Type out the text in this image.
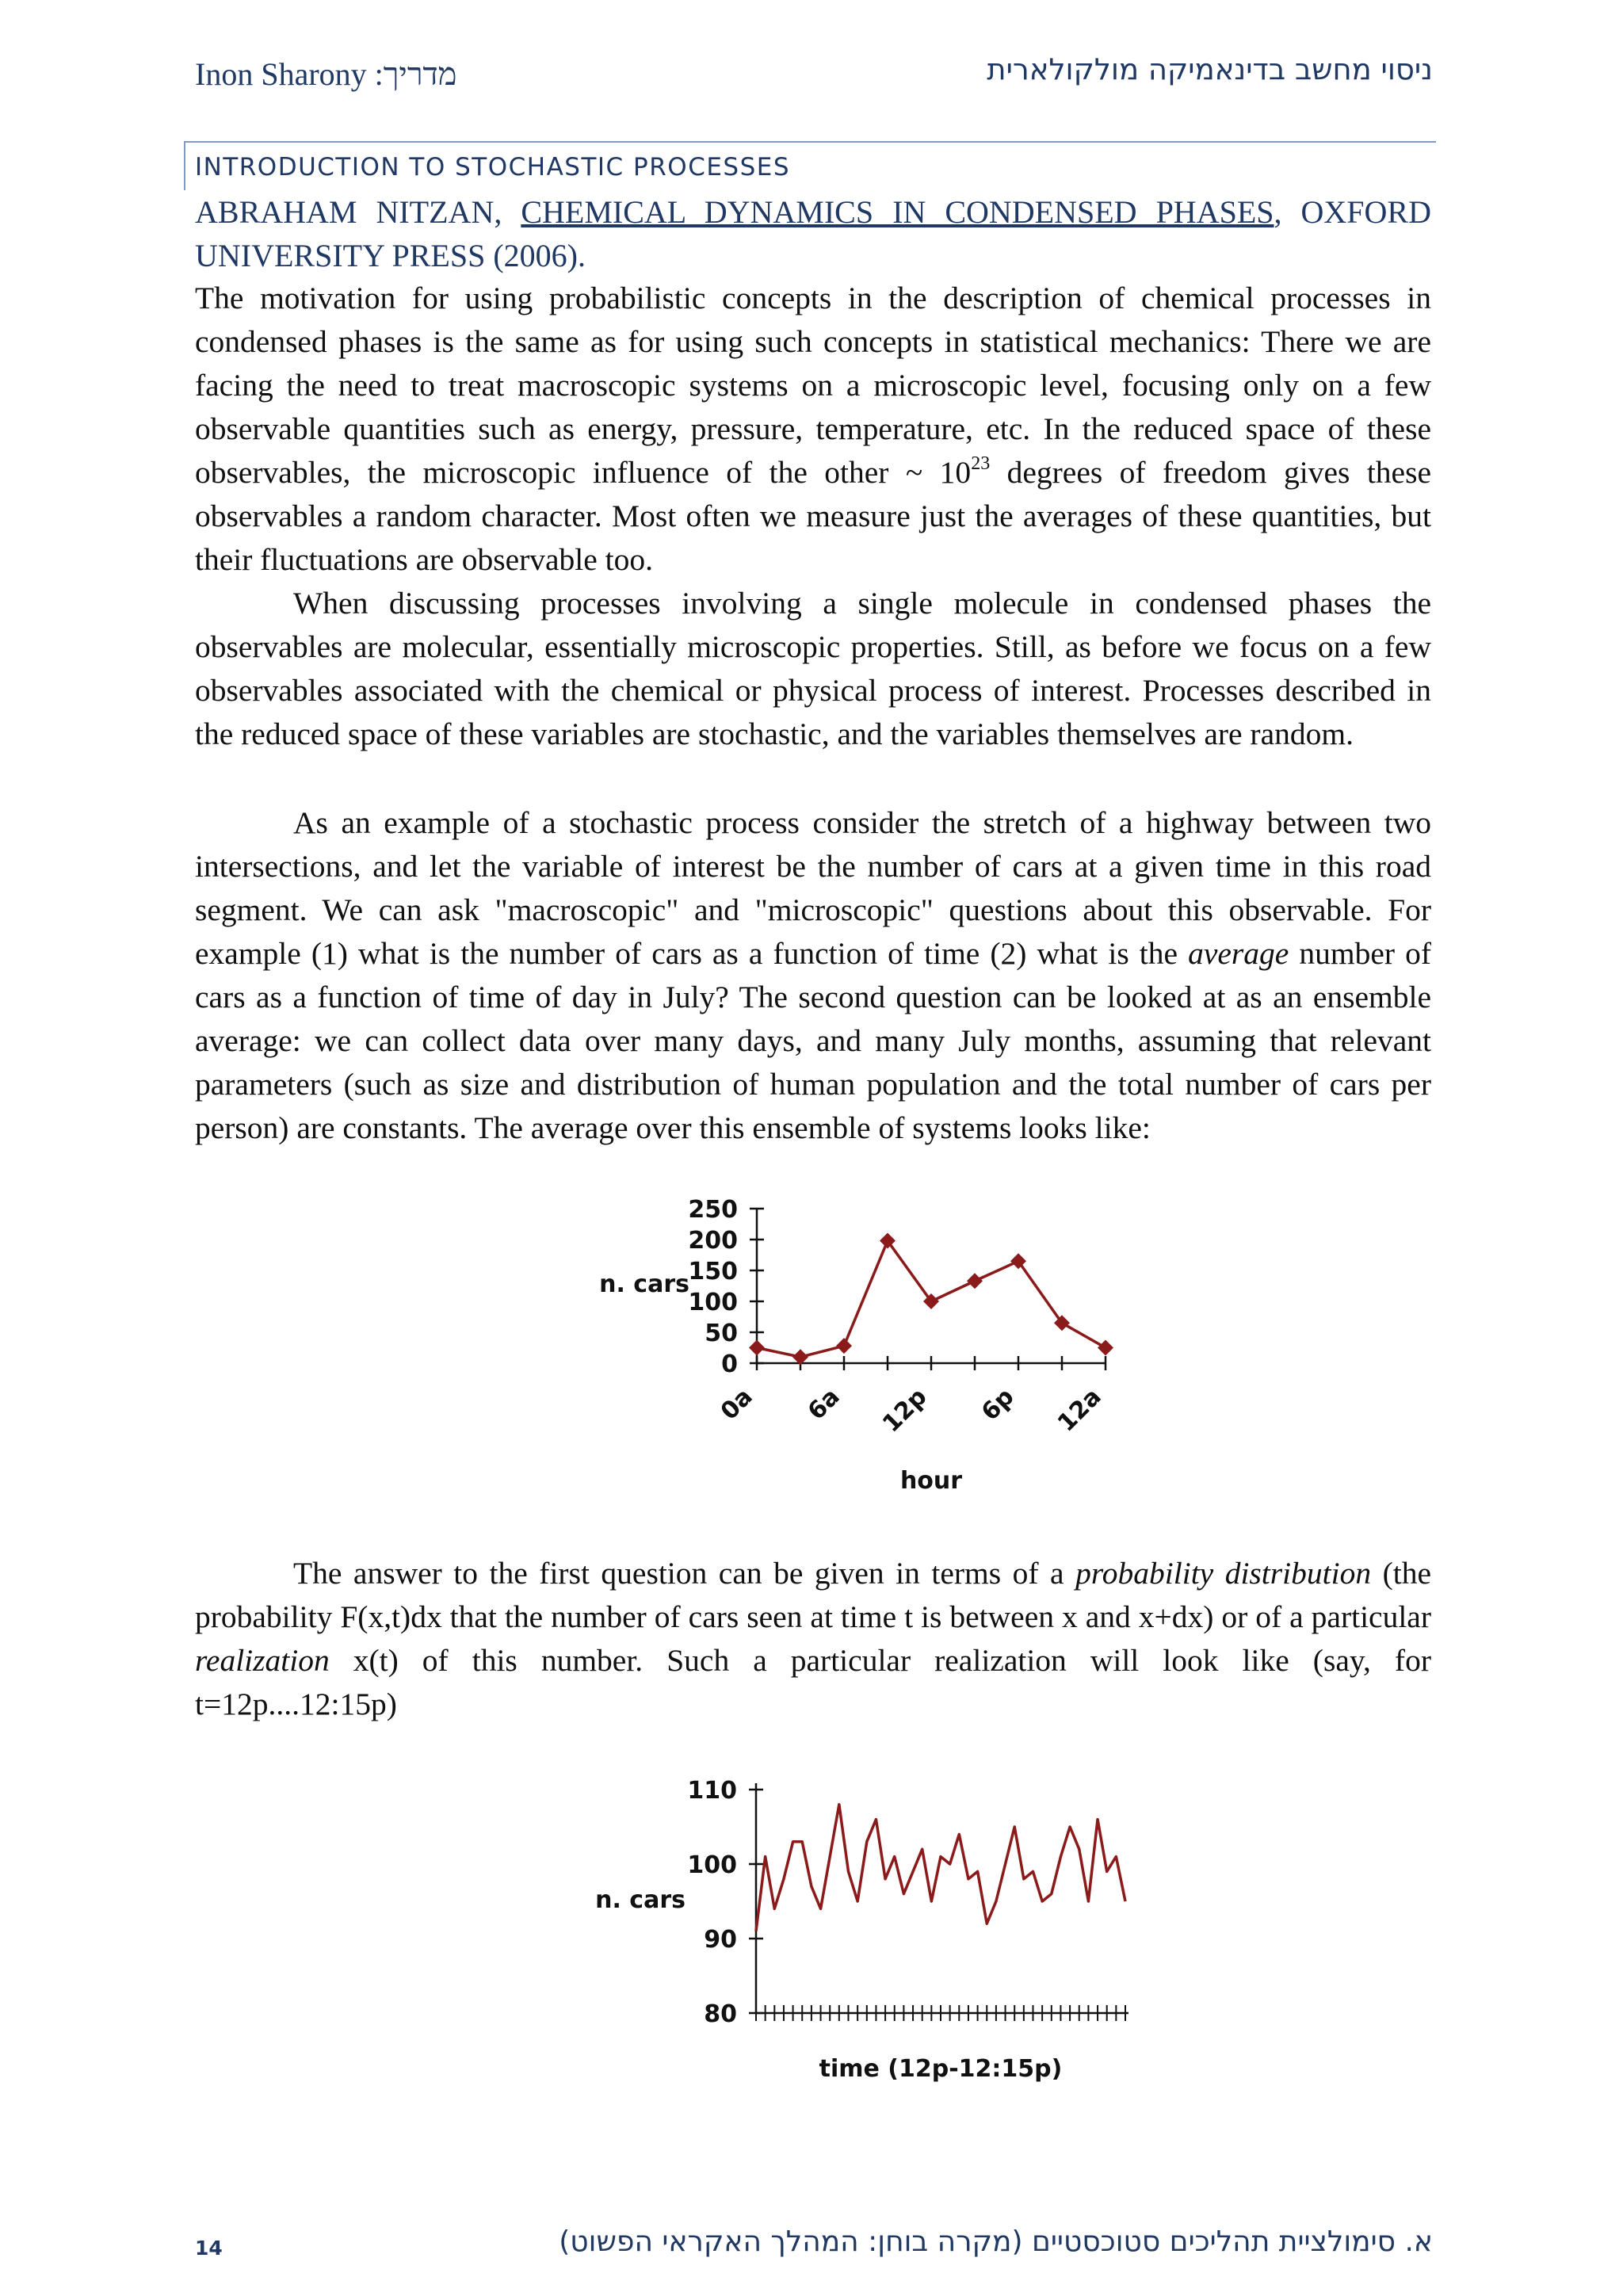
Inon Sharony :מדריך	ניסוי מחשב בדינאמיקה מולקולארית
INTRODUCTION TO STOCHASTIC PROCESSES
ABRAHAM NITZAN, CHEMICAL DYNAMICS IN CONDENSED PHASES, OXFORD UNIVERSITY PRESS (2006).

The motivation for using probabilistic concepts in the description of chemical processes in condensed phases is the same as for using such concepts in statistical mechanics: There we are facing the need to treat macroscopic systems on a microscopic level, focusing only on a few observable quantities such as energy, pressure, temperature, etc. In the reduced space of these observables, the microscopic influence of the other ~ $10^{23}$ degrees of freedom gives these observables a random character. Most often we measure just the averages of these quantities, but their fluctuations are observable too.

When discussing processes involving a single molecule in condensed phases the observables are molecular, essentially microscopic properties. Still, as before we focus on a few observables associated with the chemical or physical process of interest. Processes described in the reduced space of these variables are stochastic, and the variables themselves are random.

As an example of a stochastic process consider the stretch of a highway between two intersections, and let the variable of interest be the number of cars at a given time in this road segment. We can ask "macroscopic" and "microscopic" questions about this observable. For example (1) what is the number of cars as a function of time (2) what is the average number of cars as a function of time of day in July? The second question can be looked at as an ensemble average: we can collect data over many days, and many July months, assuming that relevant parameters (such as size and distribution of human population and the total number of cars per person) are constants. The average over this ensemble of systems looks like:

0
50
100
150
200
250
0a 6a 12p 6p 12a
n. cars
hour

The answer to the first question can be given in terms of a probability distribution (the probability F(x,t)dx that the number of cars seen at time t is between x and x+dx) or of a particular realization x(t) of this number. Such a particular realization will look like (say, for t=12p....12:15p)

80
90
100
110
n. cars
time (12p-12:15p)
14	א. סימולציית תהליכים סטוכסטיים (מקרה בוחן: המהלך האקראי הפשוט)
